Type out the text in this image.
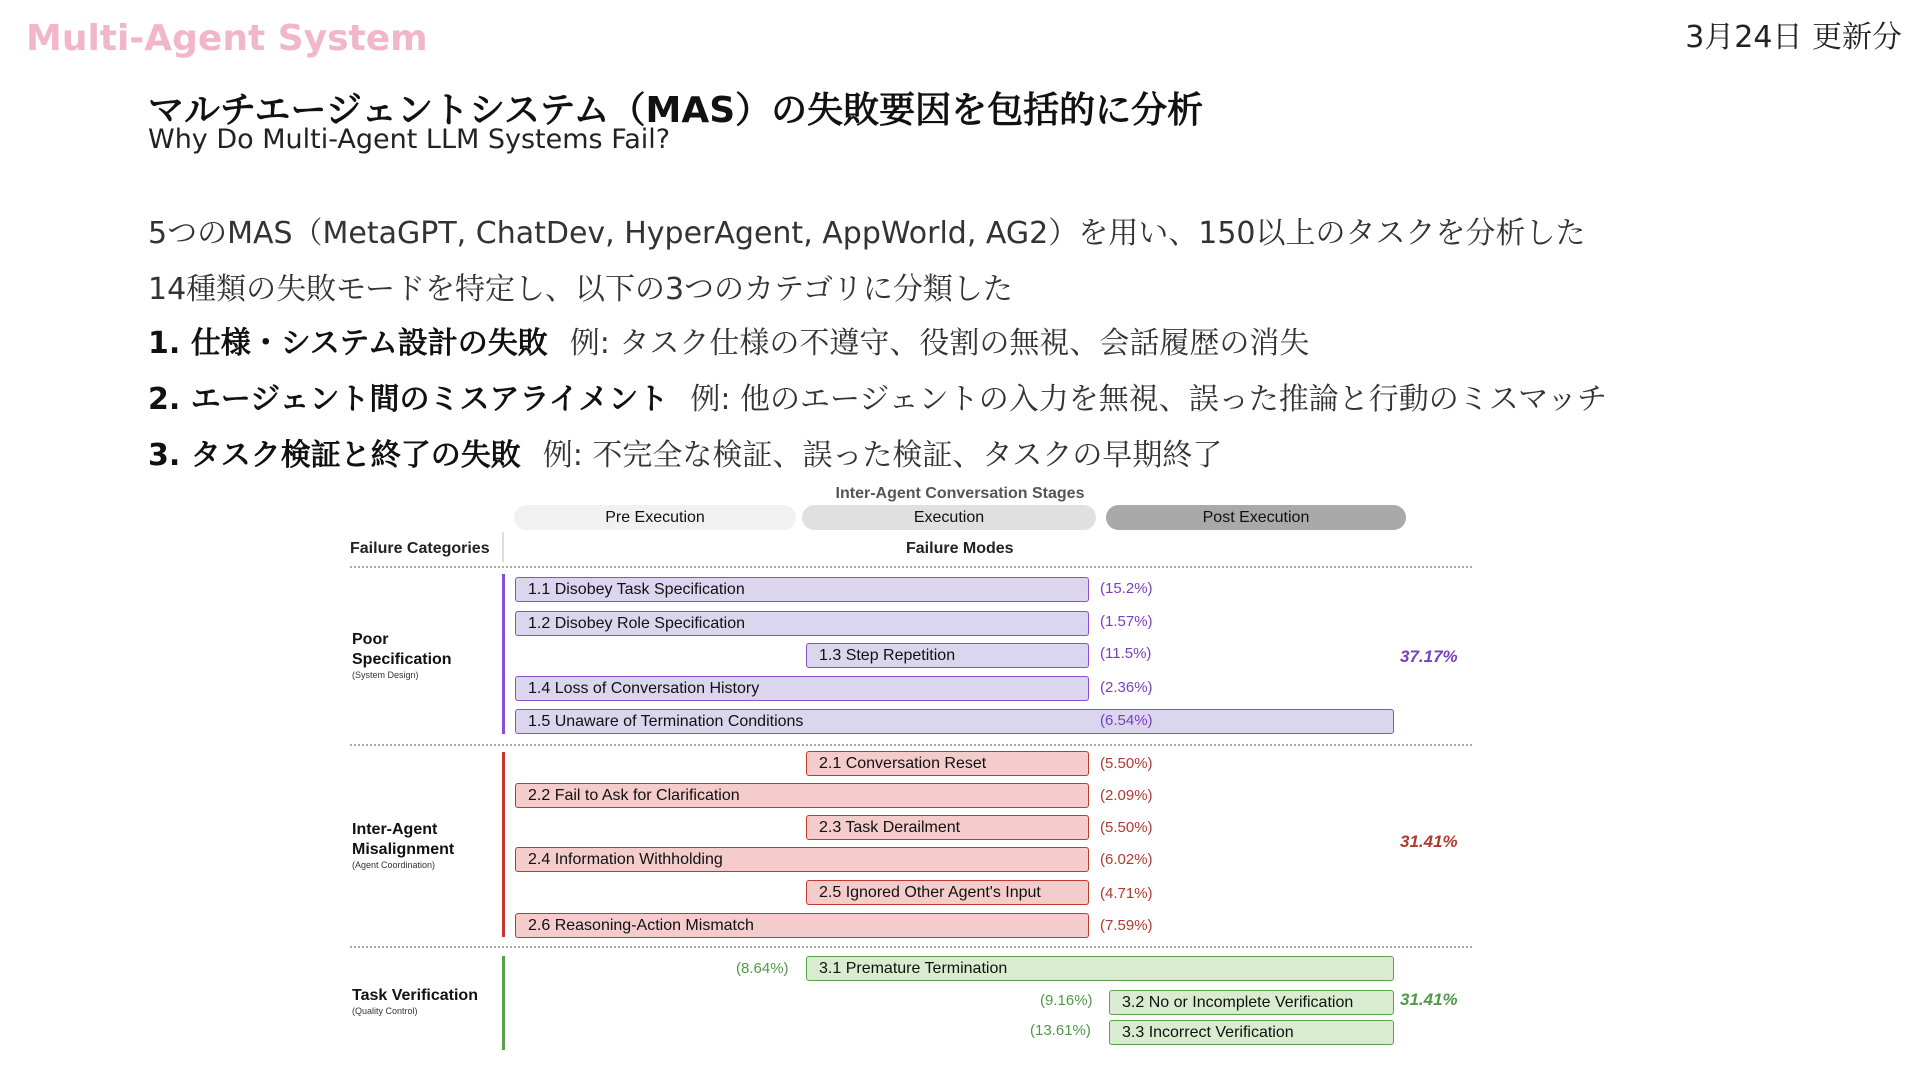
Multi-Agent System	3月24日 更新分
マルチエージェントシステム（MAS）の失敗要因を包括的に分析
Why Do Multi-Agent LLM Systems Fail?
5つのMAS（MetaGPT, ChatDev, HyperAgent, AppWorld, AG2）を用い、150以上のタスクを分析した
14種類の失敗モードを特定し、以下の3つのカテゴリに分類した
1. 仕様・システム設計の失敗 例: タスク仕様の不遵守、役割の無視、会話履歴の消失
2. エージェント間のミスアライメント 例: 他のエージェントの入力を無視、誤った推論と行動のミスマッチ
3. タスク検証と終了の失敗 例: 不完全な検証、誤った検証、タスクの早期終了
Inter-Agent Conversation Stages
Pre Execution	Execution	Post Execution
Failure Categories	Failure Modes
Poor
Specification
(System Design)
1.1 Disobey Task Specification	(15.2%)
1.2 Disobey Role Specification	(1.57%)
1.3 Step Repetition	(11.5%)
1.4 Loss of Conversation History	(2.36%)
1.5 Unaware of Termination Conditions	(6.54%)
37.17%
Inter-Agent
Misalignment
(Agent Coordination)
2.1 Conversation Reset	(5.50%)
2.2 Fail to Ask for Clarification	(2.09%)
2.3 Task Derailment	(5.50%)
2.4 Information Withholding	(6.02%)
2.5 Ignored Other Agent's Input	(4.71%)
2.6 Reasoning-Action Mismatch	(7.59%)
31.41%
Task Verification
(Quality Control)
(8.64%)	3.1 Premature Termination
(9.16%)	3.2 No or Incomplete Verification
(13.61%)	3.3 Incorrect Verification
31.41%
